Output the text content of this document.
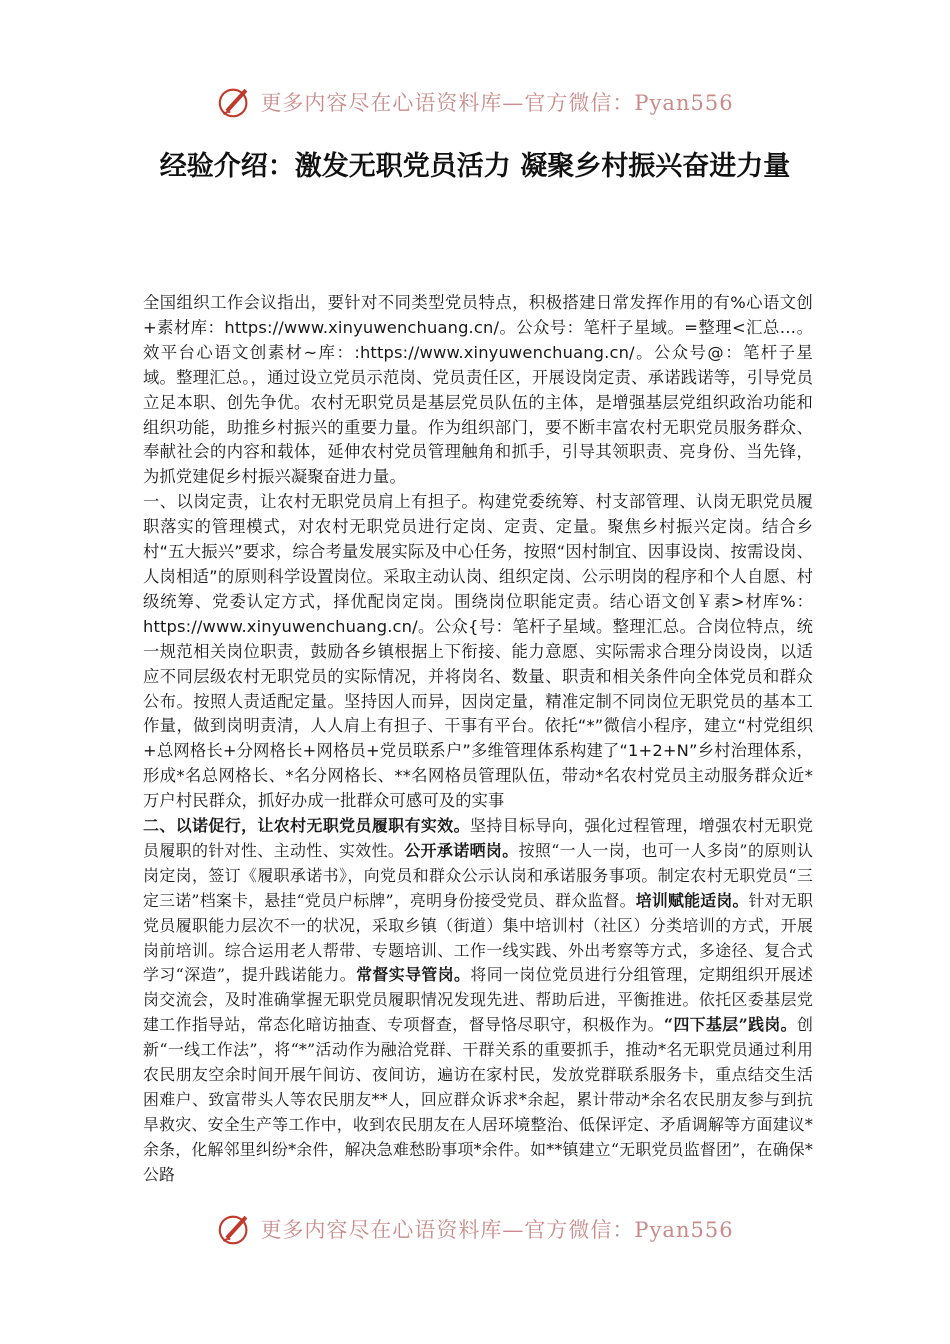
更多内容尽在心语资料库—官方微信：Pyan556
经验介绍：激发无职党员活力 凝聚乡村振兴奋进力量

全国组织工作会议指出，要针对不同类型党员特点，积极搭建日常发挥作用的有%心语文创+素材库：https://www.xinyuwenchuang.cn/。公众号：笔杆子星域。=整理<汇总…。效平台心语文创素材~库：:https://www.xinyuwenchuang.cn/。公众号@：笔杆子星域。整理汇总。，通过设立党员示范岗、党员责任区，开展设岗定责、承诺践诺等，引导党员立足本职、创先争优。农村无职党员是基层党员队伍的主体，是增强基层党组织政治功能和组织功能，助推乡村振兴的重要力量。作为组织部门，要不断丰富农村无职党员服务群众、奉献社会的内容和载体，延伸农村党员管理触角和抓手，引导其领职责、亮身份、当先锋，为抓党建促乡村振兴凝聚奋进力量。

一、以岗定责，让农村无职党员肩上有担子。构建党委统筹、村支部管理、认岗无职党员履职落实的管理模式，对农村无职党员进行定岗、定责、定量。聚焦乡村振兴定岗。结合乡村“五大振兴”要求，综合考量发展实际及中心任务，按照“因村制宜、因事设岗、按需设岗、人岗相适”的原则科学设置岗位。采取主动认岗、组织定岗、公示明岗的程序和个人自愿、村级统筹、党委认定方式，择优配岗定岗。围绕岗位职能定责。结心语文创￥素>材库%：https://www.xinyuwenchuang.cn/。公众{号：笔杆子星域。整理汇总。合岗位特点，统一规范相关岗位职责，鼓励各乡镇根据上下衔接、能力意愿、实际需求合理分岗设岗，以适应不同层级农村无职党员的实际情况，并将岗名、数量、职责和相关条件向全体党员和群众公布。按照人责适配定量。坚持因人而异，因岗定量，精准定制不同岗位无职党员的基本工作量，做到岗明责清，人人肩上有担子、干事有平台。依托“*”微信小程序，建立“村党组织+总网格长+分网格长+网格员+党员联系户”多维管理体系构建了“1+2+N”乡村治理体系，形成*名总网格长、*名分网格长、**名网格员管理队伍，带动*名农村党员主动服务群众近*万户村民群众，抓好办成一批群众可感可及的实事

二、以诺促行，让农村无职党员履职有实效。坚持目标导向，强化过程管理，增强农村无职党员履职的针对性、主动性、实效性。公开承诺晒岗。按照“一人一岗，也可一人多岗”的原则认岗定岗，签订《履职承诺书》，向党员和群众公示认岗和承诺服务事项。制定农村无职党员“三定三诺”档案卡，悬挂“党员户标牌”，亮明身份接受党员、群众监督。培训赋能适岗。针对无职党员履职能力层次不一的状况，采取乡镇（街道）集中培训村（社区）分类培训的方式，开展岗前培训。综合运用老人帮带、专题培训、工作一线实践、外出考察等方式，多途径、复合式学习“深造”，提升践诺能力。常督实导管岗。将同一岗位党员进行分组管理，定期组织开展述岗交流会，及时准确掌握无职党员履职情况发现先进、帮助后进，平衡推进。依托区委基层党建工作指导站，常态化暗访抽查、专项督查，督导恪尽职守，积极作为。“四下基层”践岗。创新“一线工作法”，将“*”活动作为融洽党群、干群关系的重要抓手，推动*名无职党员通过利用农民朋友空余时间开展午间访、夜间访，遍访在家村民，发放党群联系服务卡，重点结交生活困难户、致富带头人等农民朋友**人，回应群众诉求*余起，累计带动*余名农民朋友参与到抗旱救灾、安全生产等工作中，收到农民朋友在人居环境整治、低保评定、矛盾调解等方面建议*余条，化解邻里纠纷*余件，解决急难愁盼事项*余件。如**镇建立“无职党员监督团”，在确保*公路

更多内容尽在心语资料库—官方微信：Pyan556
